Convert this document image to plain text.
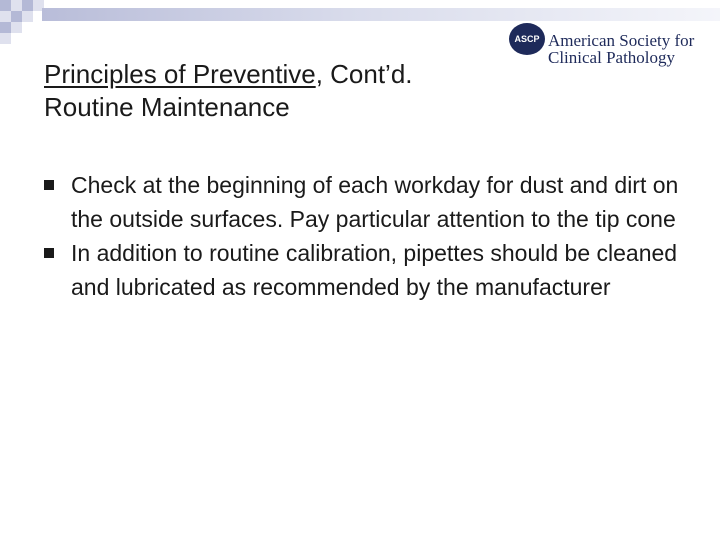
ASCP American Society for
Clinical Pathology
Principles of Preventive, Cont’d.
Routine Maintenance
Check at the beginning of each workday for dust and dirt on the outside surfaces. Pay particular attention to the tip cone
In addition to routine calibration, pipettes should be cleaned and lubricated as recommended by the manufacturer
